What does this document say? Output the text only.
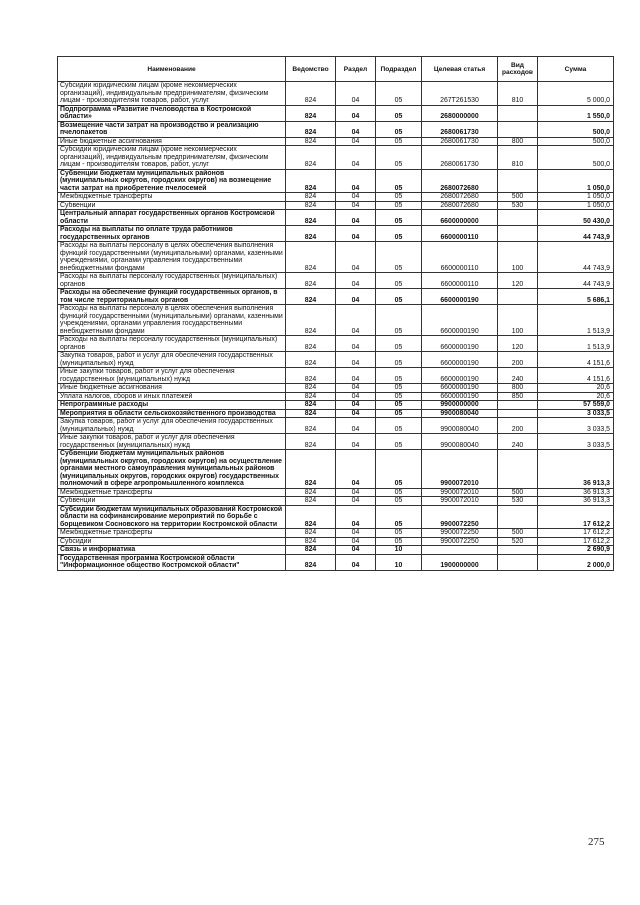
Наименование	Ведомство	Раздел	Подраздел	Целевая статья	Вид расходов	Сумма
Субсидии юридическим лицам (кроме некоммерческих организаций), индивидуальным предпринимателям, физическим лицам - производителям товаров, работ, услуг	824	04	05	267Т261530	810	5 000,0
Подпрограмма «Развитие пчеловодства в Костромской области»	824	04	05	2680000000		1 550,0
Возмещение части затрат на производство и реализацию пчелопакетов	824	04	05	2680061730		500,0
Иные бюджетные ассигнования	824	04	05	2680061730	800	500,0
Субсидии юридическим лицам (кроме некоммерческих организаций), индивидуальным предпринимателям, физическим лицам - производителям товаров, работ, услуг	824	04	05	2680061730	810	500,0
Субвенции бюджетам муниципальных районов (муниципальных округов, городских округов) на возмещение части затрат на приобретение пчелосемей	824	04	05	2680072680		1 050,0
Межбюджетные трансферты	824	04	05	2680072680	500	1 050,0
Субвенции	824	04	05	2680072680	530	1 050,0
Центральный аппарат государственных органов Костромской области	824	04	05	6600000000		50 430,0
Расходы на выплаты по оплате труда работников государственных органов	824	04	05	6600000110		44 743,9
Расходы на выплаты персоналу в целях обеспечения выполнения функций государственными (муниципальными) органами, казенными учреждениями, органами управления государственными внебюджетными фондами	824	04	05	6600000110	100	44 743,9
Расходы на выплаты персоналу государственных (муниципальных) органов	824	04	05	6600000110	120	44 743,9
Расходы на обеспечение функций государственных органов, в том числе территориальных органов	824	04	05	6600000190		5 686,1
Расходы на выплаты персоналу в целях обеспечения выполнения функций государственными (муниципальными) органами, казенными учреждениями, органами управления государственными внебюджетными фондами	824	04	05	6600000190	100	1 513,9
Расходы на выплаты персоналу государственных (муниципальных) органов	824	04	05	6600000190	120	1 513,9
Закупка товаров, работ и услуг для обеспечения государственных (муниципальных) нужд	824	04	05	6600000190	200	4 151,6
Иные закупки товаров, работ и услуг для обеспечения государственных (муниципальных) нужд	824	04	05	6600000190	240	4 151,6
Иные бюджетные ассигнования	824	04	05	6600000190	800	20,6
Уплата налогов, сборов и иных платежей	824	04	05	6600000190	850	20,6
Непрограммные расходы	824	04	05	9900000000		57 559,0
Мероприятия в области сельскохозяйственного производства	824	04	05	9900080040		3 033,5
Закупка товаров, работ и услуг для обеспечения государственных (муниципальных) нужд	824	04	05	9900080040	200	3 033,5
Иные закупки товаров, работ и услуг для обеспечения государственных (муниципальных) нужд	824	04	05	9900080040	240	3 033,5
Субвенции бюджетам муниципальных районов (муниципальных округов, городских округов) на осуществление органами местного самоуправления муниципальных районов (муниципальных округов, городских округов) государственных полномочий в сфере агропромышленного комплекса	824	04	05	9900072010		36 913,3
Межбюджетные трансферты	824	04	05	9900072010	500	36 913,3
Субвенции	824	04	05	9900072010	530	36 913,3
Субсидии бюджетам муниципальных образований Костромской области на софинансирование мероприятий по борьбе с борщевиком Сосновского на территории Костромской области	824	04	05	9900072250		17 612,2
Межбюджетные трансферты	824	04	05	9900072250	500	17 612,2
Субсидии	824	04	05	9900072250	520	17 612,2
Связь и информатика	824	04	10			2 690,9
Государственная программа Костромской области "Информационное общество Костромской области"	824	04	10	1900000000		2 000,0
275
